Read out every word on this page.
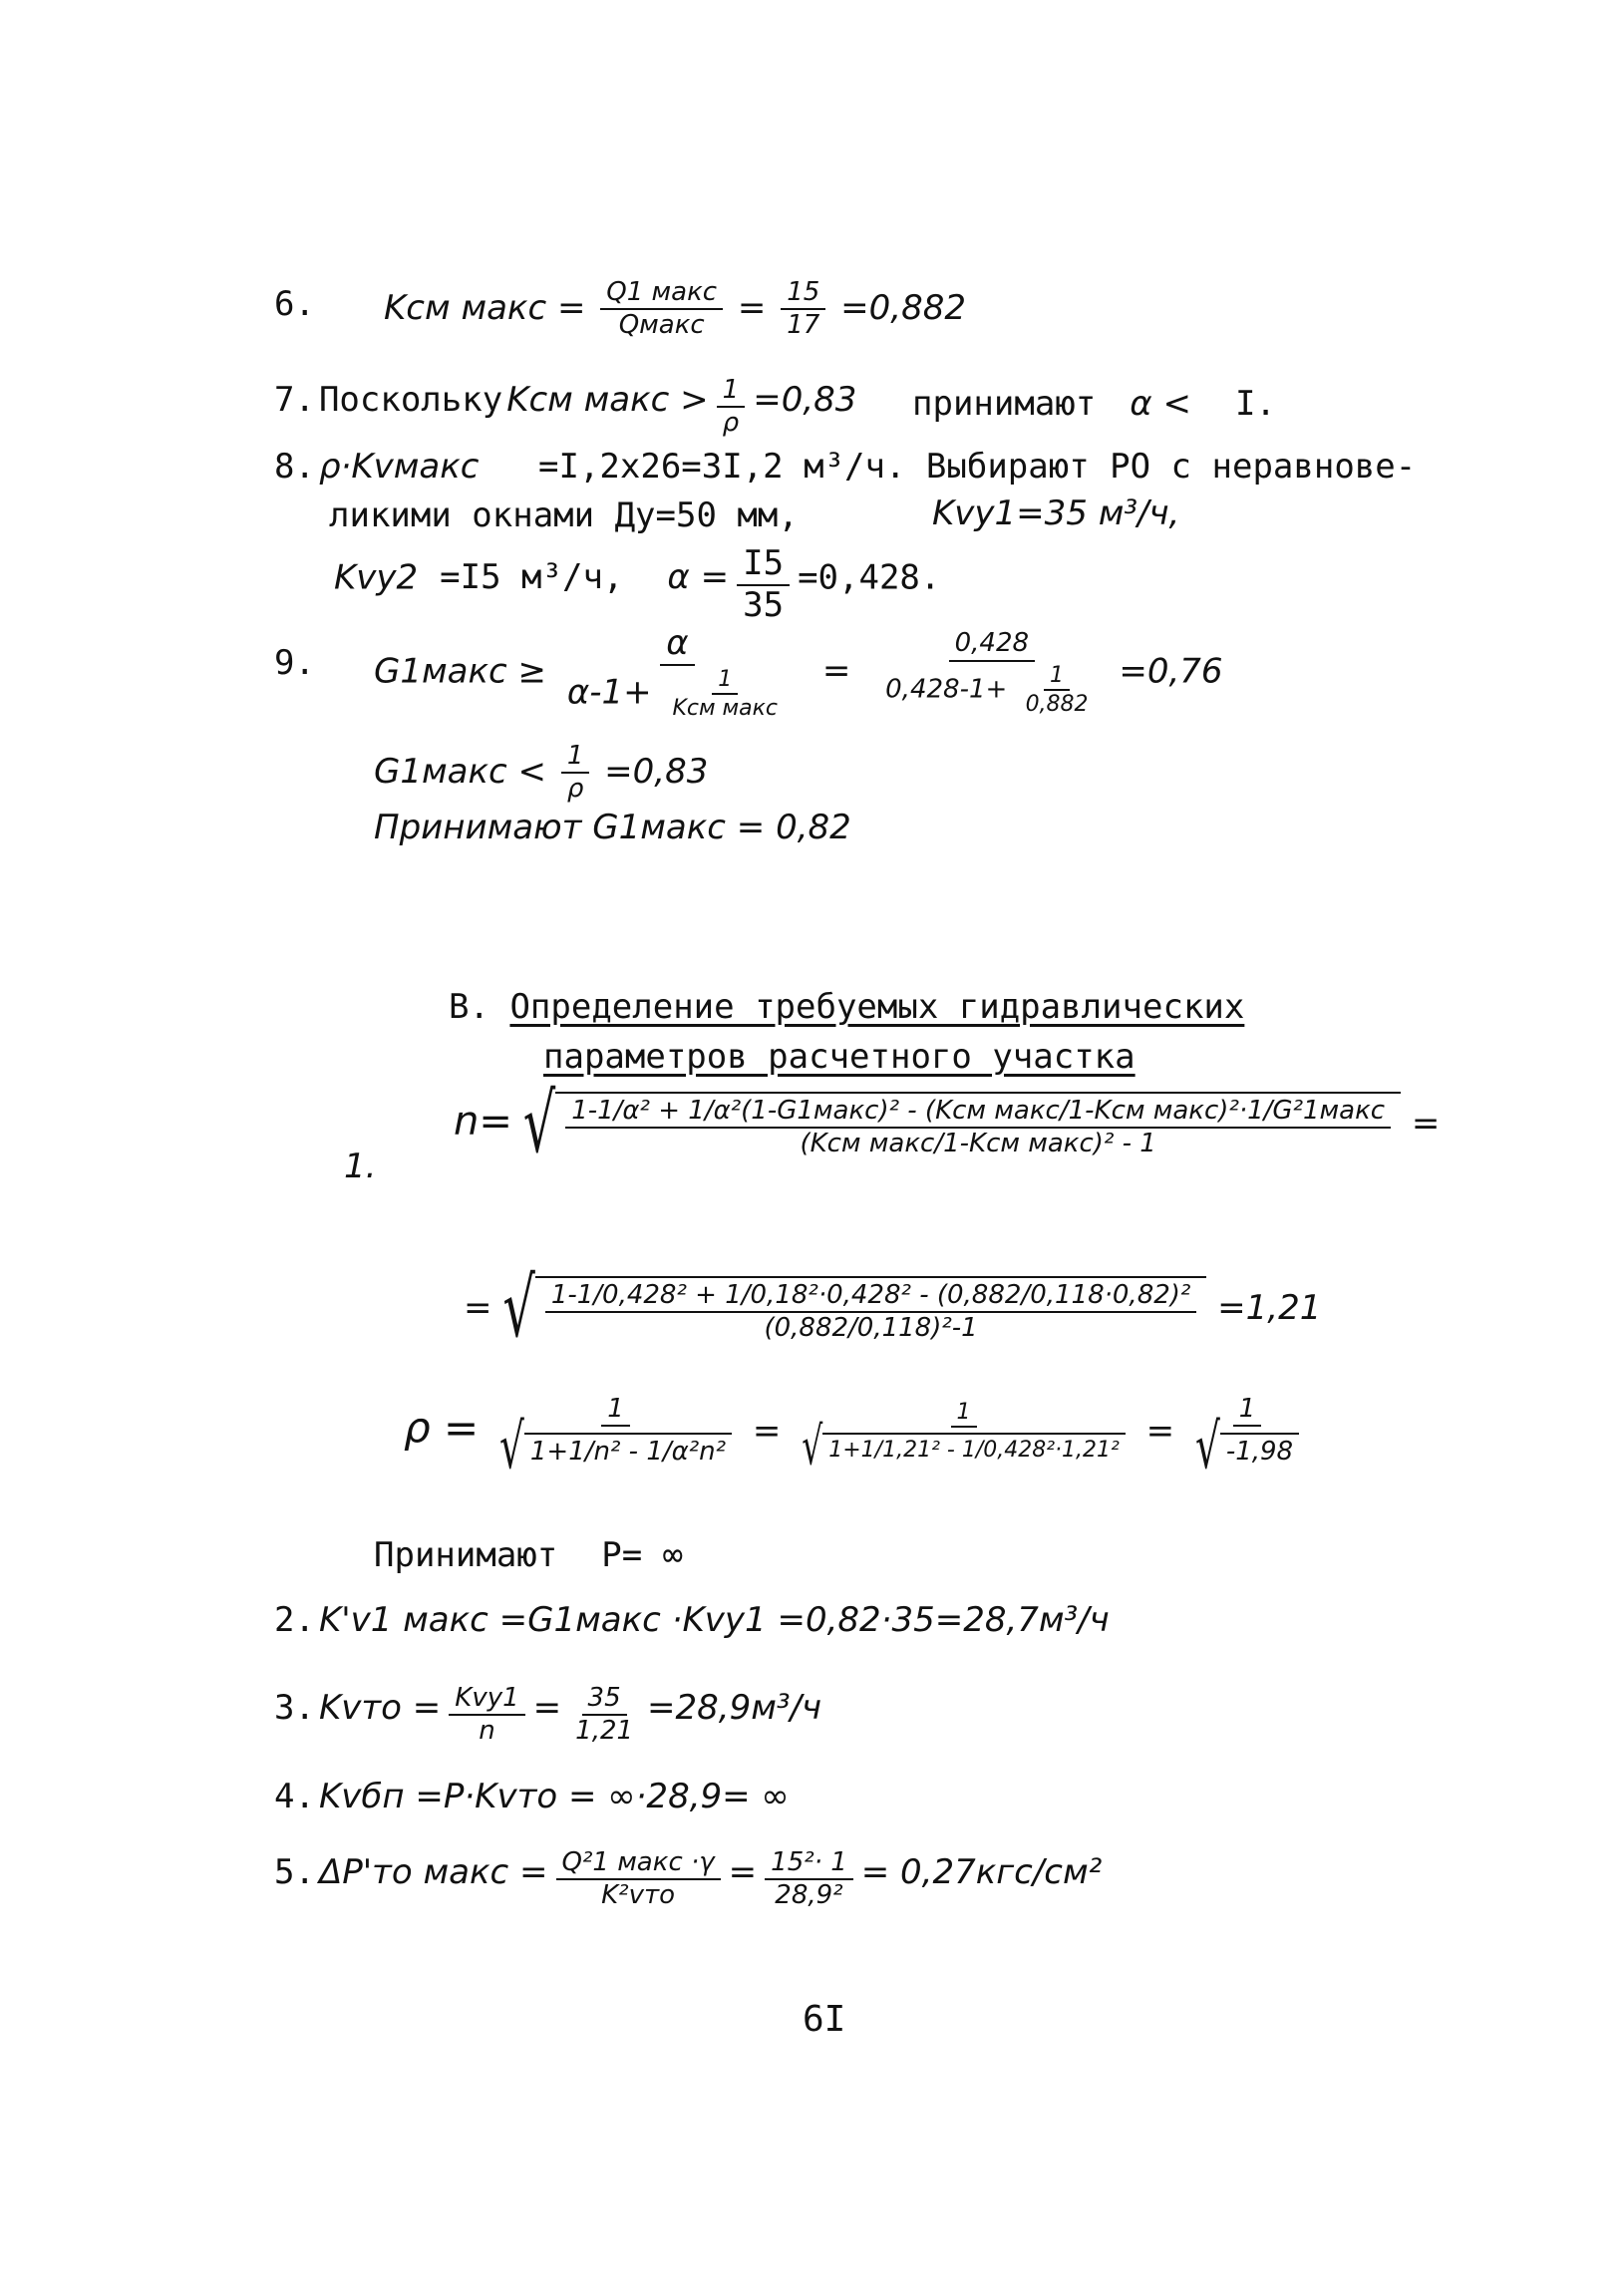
6. Kсм макс = $\frac{\text{Q1 макс}}{\text{Qмакс}} = \frac{15}{17} =0,882$
7. Поскольку Kсм макс > $\frac{1}{\rho} =0,83$ принимают α < I.
8. ρ·Kvмакс =I,2x26=3I,2 м³/ч. Выбирают РО с неравнове-
ликими окнами Ду=50 мм,	Kvy1=35 м³/ч,
Kvy2 =I5 м³/ч, $\alpha = \frac{I5}{35} =0,428$.
9. G1макс ≥ $\frac{\alpha}{\alpha-1+ \frac{1}{\text{Kсм макс}}} = \frac{0,428}{0,428-1+ \frac{1}{0,882}} =0,76$
G1макс < $\frac{1}{\rho} =0,83$
Принимают G1макс = 0,82
В. Определение требуемых гидравлических
параметров расчетного участка
1.
n= √ $\frac{\text{1-1/α² + 1/α²(1-G1макс)² - (Kсм макс/1-Kсм макс)²·1/G²1макс}}{\text{(Kсм макс/1-Kсм макс)² - 1}}$ =
= √ $\frac{\text{1-1/0,428² + 1/0,18²·0,428² - (0,882/0,118·0,82)²}}{\text{(0,882/0,118)²-1}} =1,21$
$\rho = \frac{1}{\text{√ 1+1/n² - 1/α²n²}} = \frac{1}{\text{√ 1+1/1,21² - 1/0,428²·1,21²}} = \frac{1}{√ -1,98}$
Принимают P= ∞
2. K'v1 макс =G1макс ·Kvy1 =0,82·35=28,7м³/ч
3. Kvто = $\frac{\text{Kvy1}}{n} = \frac{35}{1,21} =28,9м^3/ч$
4. Kvбп =P·Kvто = ∞·28,9= ∞
5. ΔP'то макс = $\frac{\text{Q²1 макс ·γ}}{\text{K²vто}} = \frac{\text{15²· 1}}{\text{28,9²}} = 0,27кгс/см^2$
6I
